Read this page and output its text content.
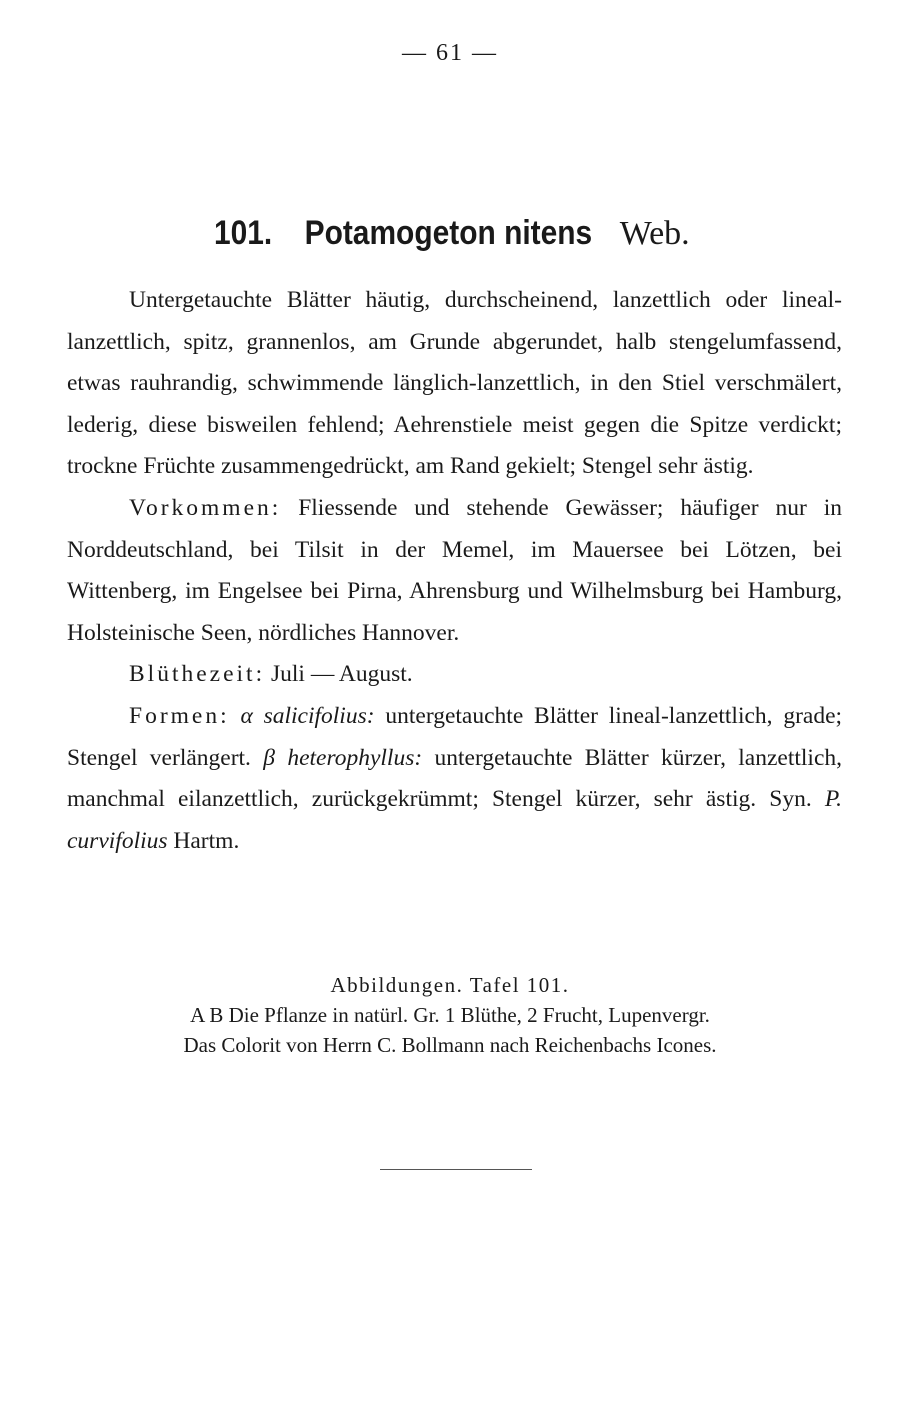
— 61 —
101. Potamogeton nitens Web.

Untergetauchte Blätter häutig, durchscheinend, lanzettlich oder lineal-lanzettlich, spitz, grannenlos, am Grunde abgerundet, halb stengelumfassend, etwas rauhrandig, schwimmende länglich-lanzettlich, in den Stiel verschmälert, lederig, diese bisweilen fehlend; Aehrenstiele meist gegen die Spitze verdickt; trockne Früchte zusammengedrückt, am Rand gekielt; Stengel sehr ästig.

Vorkommen: Fliessende und stehende Gewässer; häufiger nur in Norddeutschland, bei Tilsit in der Memel, im Mauersee bei Lötzen, bei Wittenberg, im Engelsee bei Pirna, Ahrensburg und Wilhelmsburg bei Hamburg, Holsteinische Seen, nördliches Hannover.

Blüthezeit: Juli — August.

Formen: α salicifolius: untergetauchte Blätter lineal-lanzettlich, grade; Stengel verlängert. β heterophyllus: untergetauchte Blätter kürzer, lanzettlich, manchmal eilanzettlich, zurückgekrümmt; Stengel kürzer, sehr ästig. Syn. P. curvifolius Hartm.

Abbildungen. Tafel 101.
A B Die Pflanze in natürl. Gr. 1 Blüthe, 2 Frucht, Lupenvergr.
Das Colorit von Herrn C. Bollmann nach Reichenbachs Icones.
